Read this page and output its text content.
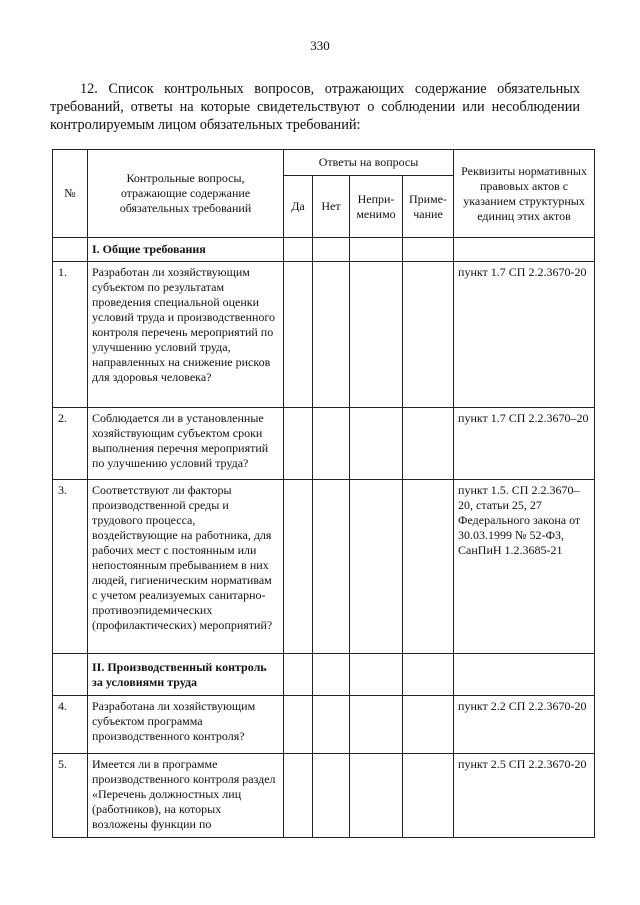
330
12. Список контрольных вопросов, отражающих содержание обязательных требований, ответы на которые свидетельствуют о соблюдении или несоблюдении контролируемым лицом обязательных требований:
№	Контрольные вопросы, отражающие содержание обязательных требований	Ответы на вопросы				Реквизиты нормативных правовых актов с указанием структурных единиц этих актов
		Да	Нет	Непри-менимо	Приме-чание	
	I. Общие требования					
1.	Разработан ли хозяйствующим субъектом по результатам проведения специальной оценки условий труда и производственного контроля перечень мероприятий по улучшению условий труда, направленных на снижение рисков для здоровья человека?					пункт 1.7 СП 2.2.3670-20
2.	Соблюдается ли в установленные хозяйствующим субъектом сроки выполнения перечня мероприятий по улучшению условий труда?					пункт 1.7 СП 2.2.3670–20
3.	Соответствуют ли факторы производственной среды и трудового процесса, воздействующие на работника, для рабочих мест с постоянным или непостоянным пребыванием в них людей, гигиеническим нормативам с учетом реализуемых санитарно-противоэпидемических (профилактических) мероприятий?					пункт 1.5. СП 2.2.3670–20, статьи 25, 27 Федерального закона от 30.03.1999 № 52-ФЗ, СанПиН 1.2.3685-21
	II. Производственный контроль за условиями труда					
4.	Разработана ли хозяйствующим субъектом программа производственного контроля?					пункт 2.2 СП 2.2.3670-20
5.	Имеется ли в программе производственного контроля раздел «Перечень должностных лиц (работников), на которых возложены функции по					пункт 2.5 СП 2.2.3670-20
